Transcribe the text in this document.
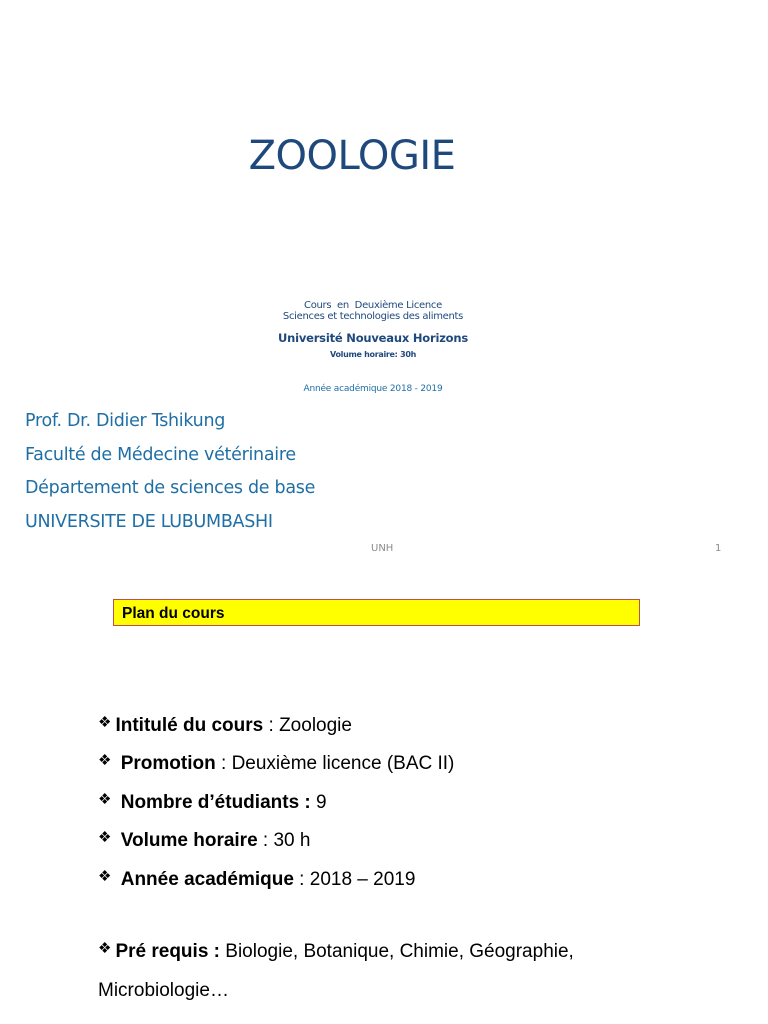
ZOOLOGIE
Cours  en  Deuxième Licence
Sciences et technologies des aliments
Université Nouveaux Horizons
Volume horaire: 30h
Année académique 2018 - 2019
Prof. Dr. Didier Tshikung
Faculté de Médecine vétérinaire
Département de sciences de base
UNIVERSITE DE LUBUMBASHI
UNH	1
Plan du cours
❖ Intitulé du cours : Zoologie
❖ Promotion : Deuxième licence (BAC II)
❖ Nombre d’étudiants : 9
❖ Volume horaire : 30 h
❖ Année académique : 2018 – 2019
❖ Pré requis : Biologie, Botanique, Chimie, Géographie,
Microbiologie…
